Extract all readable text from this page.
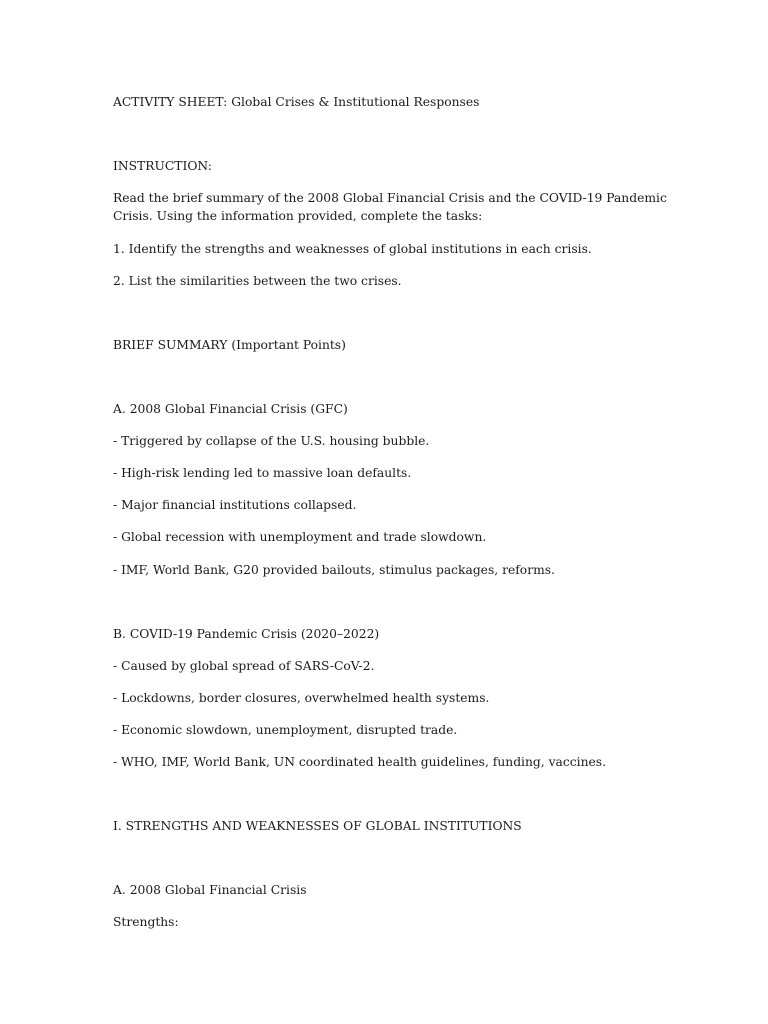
ACTIVITY SHEET: Global Crises & Institutional Responses
INSTRUCTION:
Read the brief summary of the 2008 Global Financial Crisis and the COVID-19 Pandemic
Crisis. Using the information provided, complete the tasks:
1. Identify the strengths and weaknesses of global institutions in each crisis.
2. List the similarities between the two crises.
BRIEF SUMMARY (Important Points)
A. 2008 Global Financial Crisis (GFC)
- Triggered by collapse of the U.S. housing bubble.
- High-risk lending led to massive loan defaults.
- Major financial institutions collapsed.
- Global recession with unemployment and trade slowdown.
- IMF, World Bank, G20 provided bailouts, stimulus packages, reforms.
B. COVID-19 Pandemic Crisis (2020–2022)
- Caused by global spread of SARS-CoV-2.
- Lockdowns, border closures, overwhelmed health systems.
- Economic slowdown, unemployment, disrupted trade.
- WHO, IMF, World Bank, UN coordinated health guidelines, funding, vaccines.
I. STRENGTHS AND WEAKNESSES OF GLOBAL INSTITUTIONS
A. 2008 Global Financial Crisis
Strengths:
